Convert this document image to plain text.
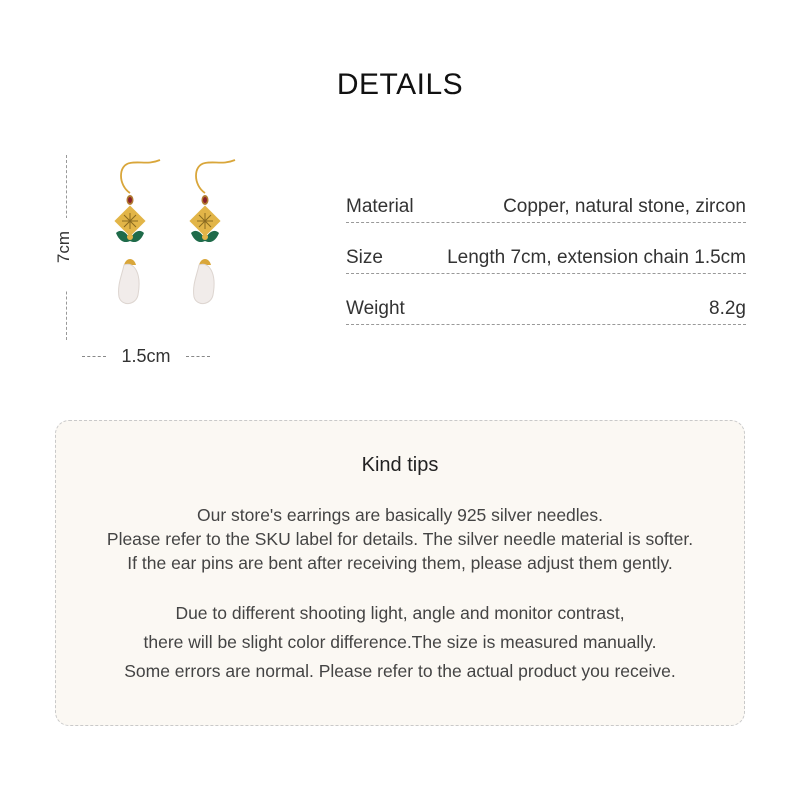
DETAILS
7cm
1.5cm
Material	Copper, natural stone, zircon
Size	Length 7cm, extension chain 1.5cm
Weight	8.2g
Kind tips
Our store's earrings are basically 925 silver needles.
Please refer to the SKU label for details. The silver needle material is softer.
If the ear pins are bent after receiving them, please adjust them gently.
Due to different shooting light, angle and monitor contrast,
there will be slight color difference.The size is measured manually.
Some errors are normal. Please refer to the actual product you receive.
